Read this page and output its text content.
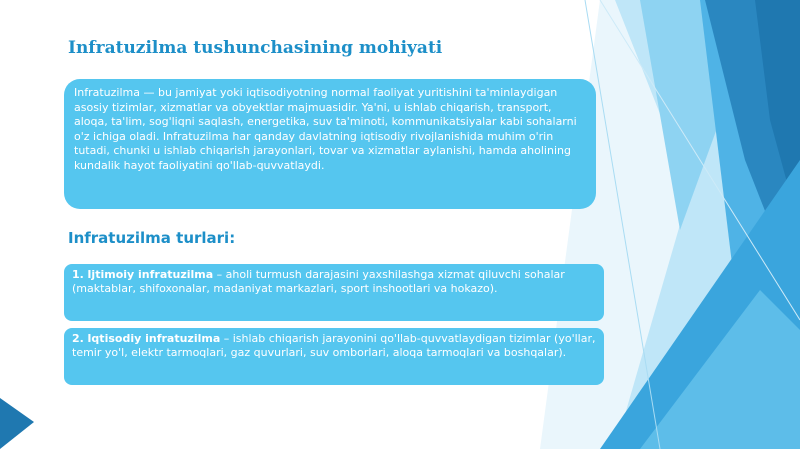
Infratuzilma tushunchasining mohiyati
Infratuzilma — bu jamiyat yoki iqtisodiyotning normal faoliyat yuritishini ta'minlaydigan asosiy tizimlar, xizmatlar va obyektlar majmuasidir. Ya'ni, u ishlab chiqarish, transport, aloqa, ta'lim, sog'liqni saqlash, energetika, suv ta'minoti, kommunikatsiyalar kabi sohalarni o'z ichiga oladi. Infratuzilma har qanday davlatning iqtisodiy rivojlanishida muhim o'rin tutadi, chunki u ishlab chiqarish jarayonlari, tovar va xizmatlar aylanishi, hamda aholining kundalik hayot faoliyatini qo'llab-quvvatlaydi.
Infratuzilma turlari:
1. Ijtimoiy infratuzilma – aholi turmush darajasini yaxshilashga xizmat qiluvchi sohalar (maktablar, shifoxonalar, madaniyat markazlari, sport inshootlari va hokazo).
2. Iqtisodiy infratuzilma – ishlab chiqarish jarayonini qo'llab-quvvatlaydigan tizimlar (yo'llar, temir yo'l, elektr tarmoqlari, gaz quvurlari, suv omborlari, aloqa tarmoqlari va boshqalar).
